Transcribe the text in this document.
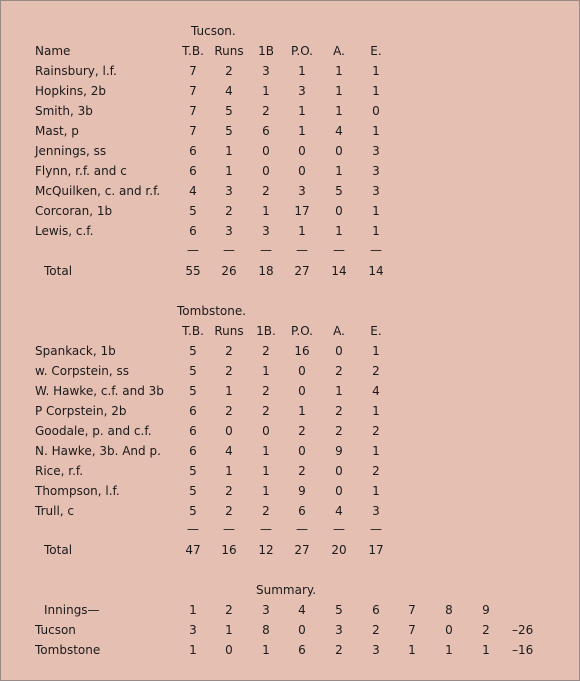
Tucson.
Name	T.B. Runs 1B P.O. A. E.
Rainsbury, l.f.	7 2 3 1 1 1
Hopkins, 2b	7 4 1 3 1 1
Smith, 3b	7 5 2 1 1 0
Mast, p	7 5 6 1 4 1
Jennings, ss	6 1 0 0 0 3
Flynn, r.f. and c	6 1 0 0 1 3
McQuilken, c. and r.f. 4 3 2 3 5 3
Corcoran, 1b	5 2 1 17 0 1
Lewis, c.f.	6 3 3 1 1 1
— — — — — —
Total	55 26 18 27 14 14
Tombstone.
T.B. Runs 1B. P.O. A. E.
Spankack, 1b	5 2 2 16 0 1
w. Corpstein, ss	5 2 1 0 2 2
W. Hawke, c.f. and 3b 5 1 2 0 1 4
P Corpstein, 2b	6 2 2 1 2 1
Goodale, p. and c.f.	6 0 0 2 2 2
N. Hawke, 3b. And p. 6 4 1 0 9 1
Rice, r.f.	5 1 1 2 0 2
Thompson, l.f.	5 2 1 9 0 1
Trull, c	5 2 2 6 4 3
— — — — — —
Total	47 16 12 27 20 17
Summary.
Innings—	1 2 3 4 5 6 7 8 9
Tucson	3 1 8 0 3 2 7 0 2 –26
Tombstone	1 0 1 6 2 3 1 1 1 –16
